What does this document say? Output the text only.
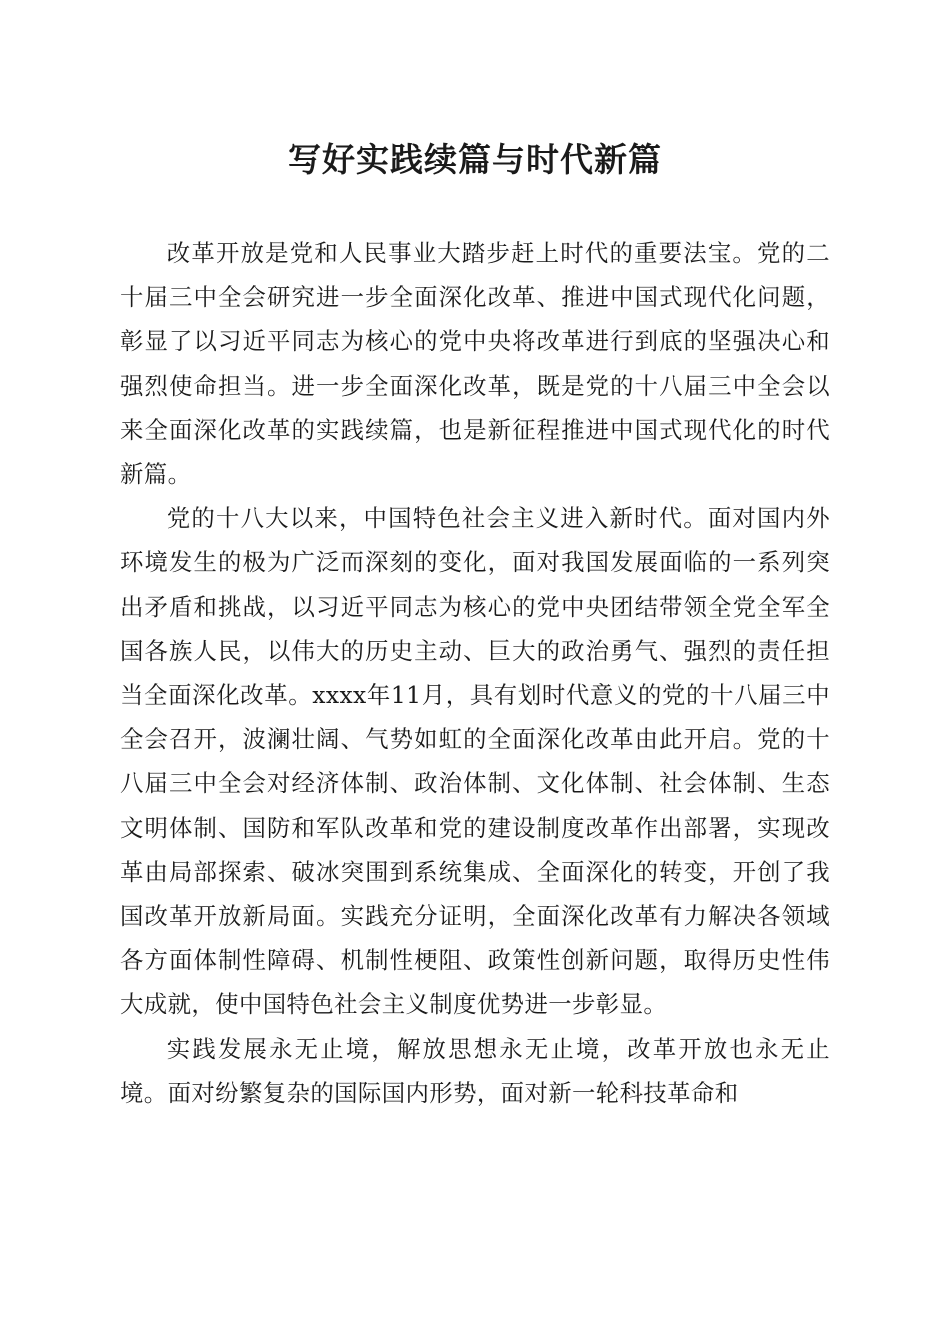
写好实践续篇与时代新篇

改革开放是党和人民事业大踏步赶上时代的重要法宝。党的二十届三中全会研究进一步全面深化改革、推进中国式现代化问题，彰显了以习近平同志为核心的党中央将改革进行到底的坚强决心和强烈使命担当。进一步全面深化改革，既是党的十八届三中全会以来全面深化改革的实践续篇，也是新征程推进中国式现代化的时代新篇。

党的十八大以来，中国特色社会主义进入新时代。面对国内外环境发生的极为广泛而深刻的变化，面对我国发展面临的一系列突出矛盾和挑战，以习近平同志为核心的党中央团结带领全党全军全国各族人民，以伟大的历史主动、巨大的政治勇气、强烈的责任担当全面深化改革。xxxx年11月，具有划时代意义的党的十八届三中全会召开，波澜壮阔、气势如虹的全面深化改革由此开启。党的十八届三中全会对经济体制、政治体制、文化体制、社会体制、生态文明体制、国防和军队改革和党的建设制度改革作出部署，实现改革由局部探索、破冰突围到系统集成、全面深化的转变，开创了我国改革开放新局面。实践充分证明，全面深化改革有力解决各领域各方面体制性障碍、机制性梗阻、政策性创新问题，取得历史性伟大成就，使中国特色社会主义制度优势进一步彰显。

实践发展永无止境，解放思想永无止境，改革开放也永无止境。面对纷繁复杂的国际国内形势，面对新一轮科技革命和
